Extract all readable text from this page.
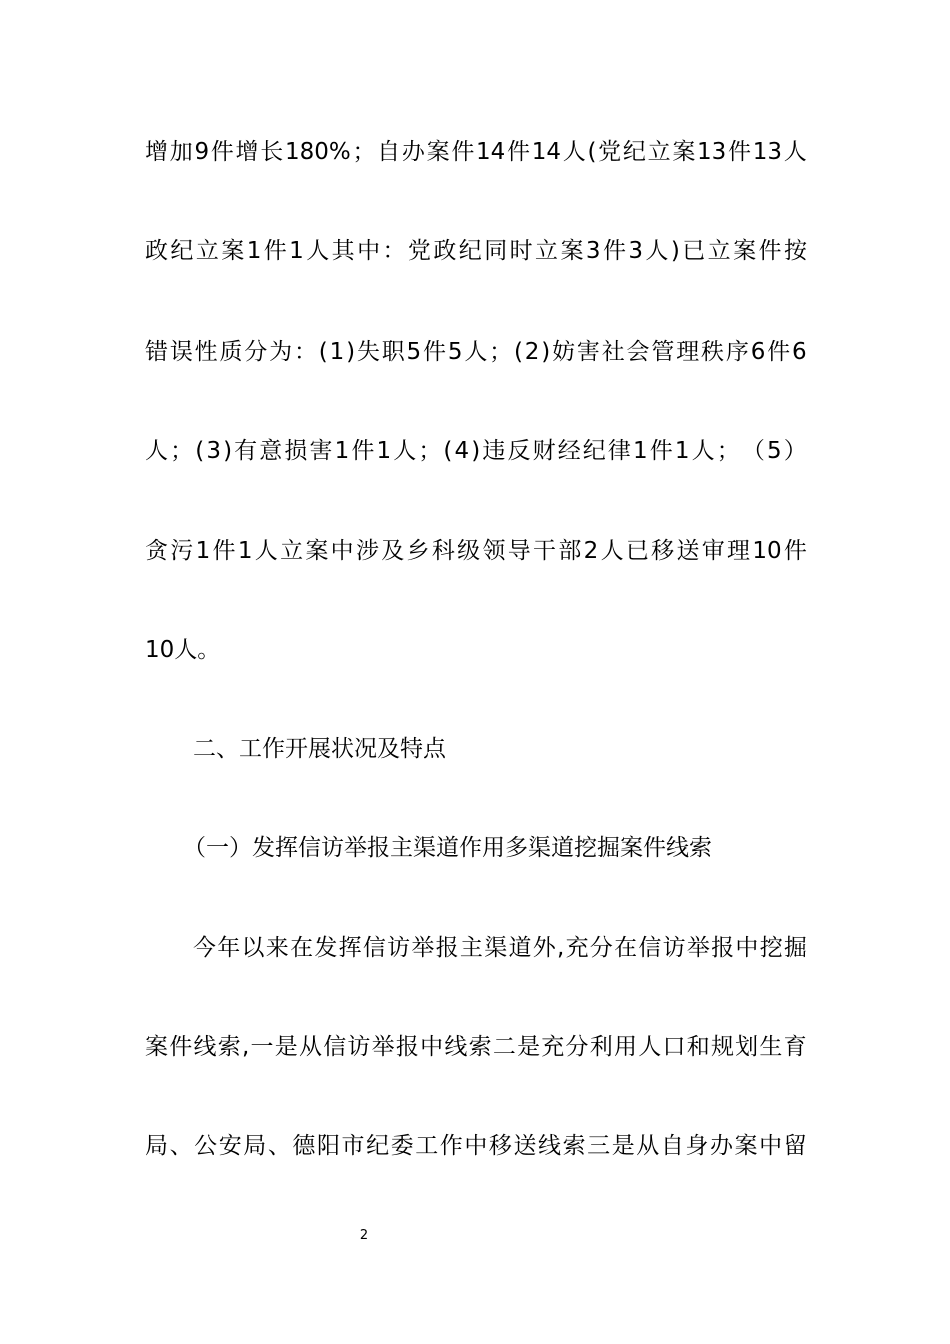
增 加 9 件 增 长 180% ； 自 办 案 件 14 件 14 人 ( 党 纪 立 案 13 件 13 人
政 纪 立 案 1 件 1 人 其 中 ： 党 政 纪 同 时 立 案 3 件 3 人 ) 已 立 案 件 按
错 误 性 质 分 为 ： ( 1 ) 失 职 5 件 5 人 ； ( 2 ) 妨 害 社 会 管 理 秩 序 6 件 6
人 ； ( 3 ) 有 意 损 害 1 件 1 人 ； ( 4 ) 违 反 财 经 纪 律 1 件 1 人 ； （ 5 ）
贪 污 1 件 1 人 立 案 中 涉 及 乡 科 级 领 导 干 部 2 人 已 移 送 审 理 10 件
10人。
二、工作开展状况及特点
（一）发挥信访举报主渠道作用多渠道挖掘案件线索
今 年 以 来 在 发 挥 信 访 举 报 主 渠 道 外 , 充 分 在 信 访 举 报 中 挖 掘
案 件 线 索 , 一 是 从 信 访 举 报 中 线 索 二 是 充 分 利 用 人 口 和 规 划 生 育
局 、 公 安 局 、 德 阳 市 纪 委 工 作 中 移 送 线 索 三 是 从 自 身 办 案 中 留
2
